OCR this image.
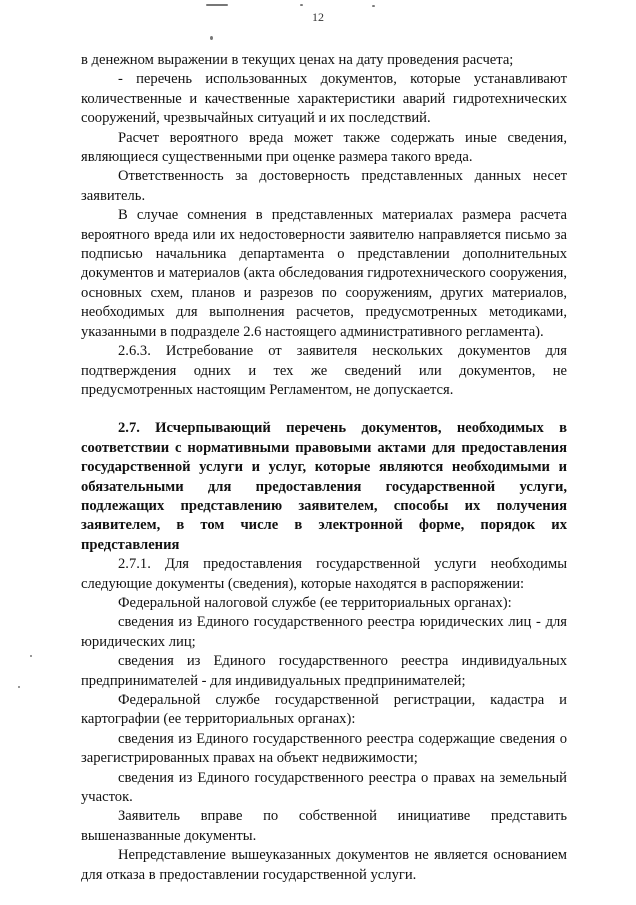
12

в денежном выражении в текущих ценах на дату проведения расчета;

- перечень использованных документов, которые устанавливают количественные и качественные характеристики аварий гидротехнических сооружений, чрезвычайных ситуаций и их последствий.

Расчет вероятного вреда может также содержать иные сведения, являющиеся существенными при оценке размера такого вреда.

Ответственность за достоверность представленных данных несет заявитель.

В случае сомнения в представленных материалах размера расчета вероятного вреда или их недостоверности заявителю направляется письмо за подписью начальника департамента о представлении дополнительных документов и материалов (акта обследования гидротехнического сооружения, основных схем, планов и разрезов по сооружениям, других материалов, необходимых для выполнения расчетов, предусмотренных методиками, указанными в подразделе 2.6 настоящего административного регламента).

2.6.3. Истребование от заявителя нескольких документов для подтверждения одних и тех же сведений или документов, не предусмотренных настоящим Регламентом, не допускается.

2.7. Исчерпывающий перечень документов, необходимых в соответствии с нормативными правовыми актами для предоставления государственной услуги и услуг, которые являются необходимыми и обязательными для предоставления государственной услуги, подлежащих представлению заявителем, способы их получения заявителем, в том числе в электронной форме, порядок их представления

2.7.1. Для предоставления государственной услуги необходимы следующие документы (сведения), которые находятся в распоряжении:

Федеральной налоговой службе (ее территориальных органах):

сведения из Единого государственного реестра юридических лиц - для юридических лиц;

сведения из Единого государственного реестра индивидуальных предпринимателей - для индивидуальных предпринимателей;

Федеральной службе государственной регистрации, кадастра и картографии (ее территориальных органах):

сведения из Единого государственного реестра содержащие сведения о зарегистрированных правах на объект недвижимости;

сведения из Единого государственного реестра о правах на земельный участок.

Заявитель вправе по собственной инициативе представить вышеназванные документы.

Непредставление вышеуказанных документов не является основанием для отказа в предоставлении государственной услуги.
